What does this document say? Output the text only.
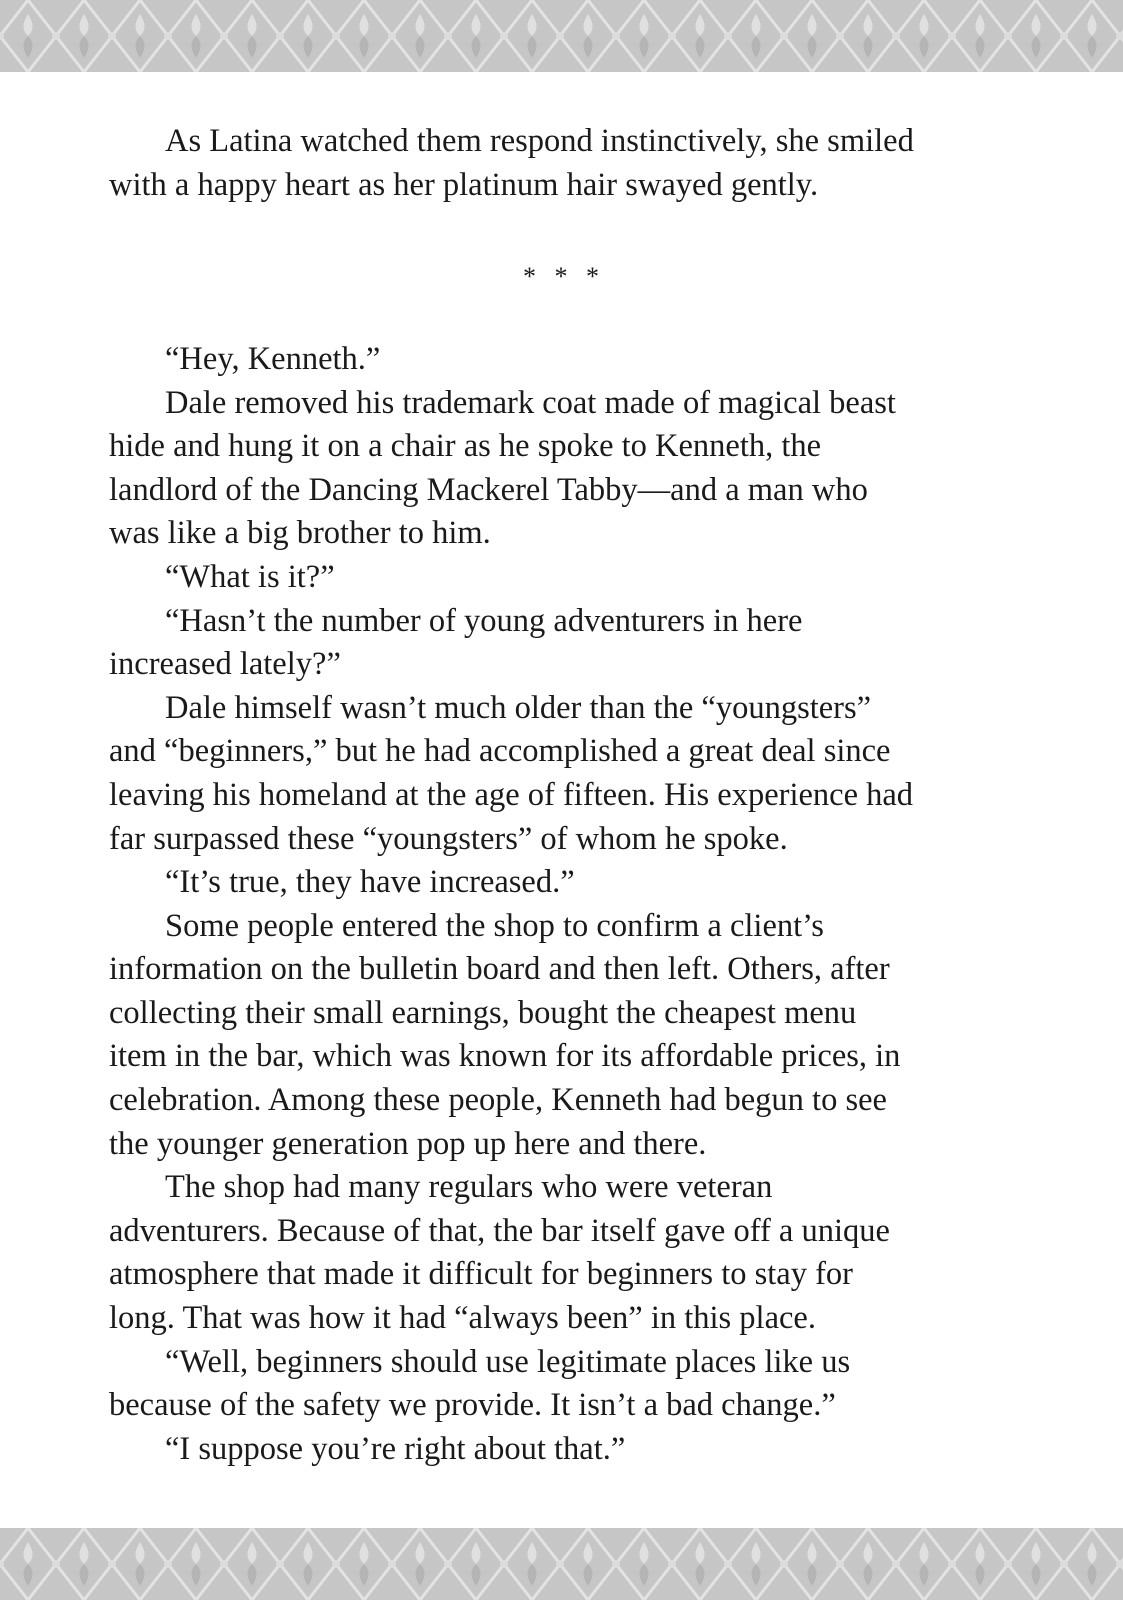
As Latina watched them respond instinctively, she smiled
with a happy heart as her platinum hair swayed gently.
* * *
“Hey, Kenneth.”
Dale removed his trademark coat made of magical beast
hide and hung it on a chair as he spoke to Kenneth, the
landlord of the Dancing Mackerel Tabby—and a man who
was like a big brother to him.
“What is it?”
“Hasn’t the number of young adventurers in here
increased lately?”
Dale himself wasn’t much older than the “youngsters”
and “beginners,” but he had accomplished a great deal since
leaving his homeland at the age of fifteen. His experience had
far surpassed these “youngsters” of whom he spoke.
“It’s true, they have increased.”
Some people entered the shop to confirm a client’s
information on the bulletin board and then left. Others, after
collecting their small earnings, bought the cheapest menu
item in the bar, which was known for its affordable prices, in
celebration. Among these people, Kenneth had begun to see
the younger generation pop up here and there.
The shop had many regulars who were veteran
adventurers. Because of that, the bar itself gave off a unique
atmosphere that made it difficult for beginners to stay for
long. That was how it had “always been” in this place.
“Well, beginners should use legitimate places like us
because of the safety we provide. It isn’t a bad change.”
“I suppose you’re right about that.”
